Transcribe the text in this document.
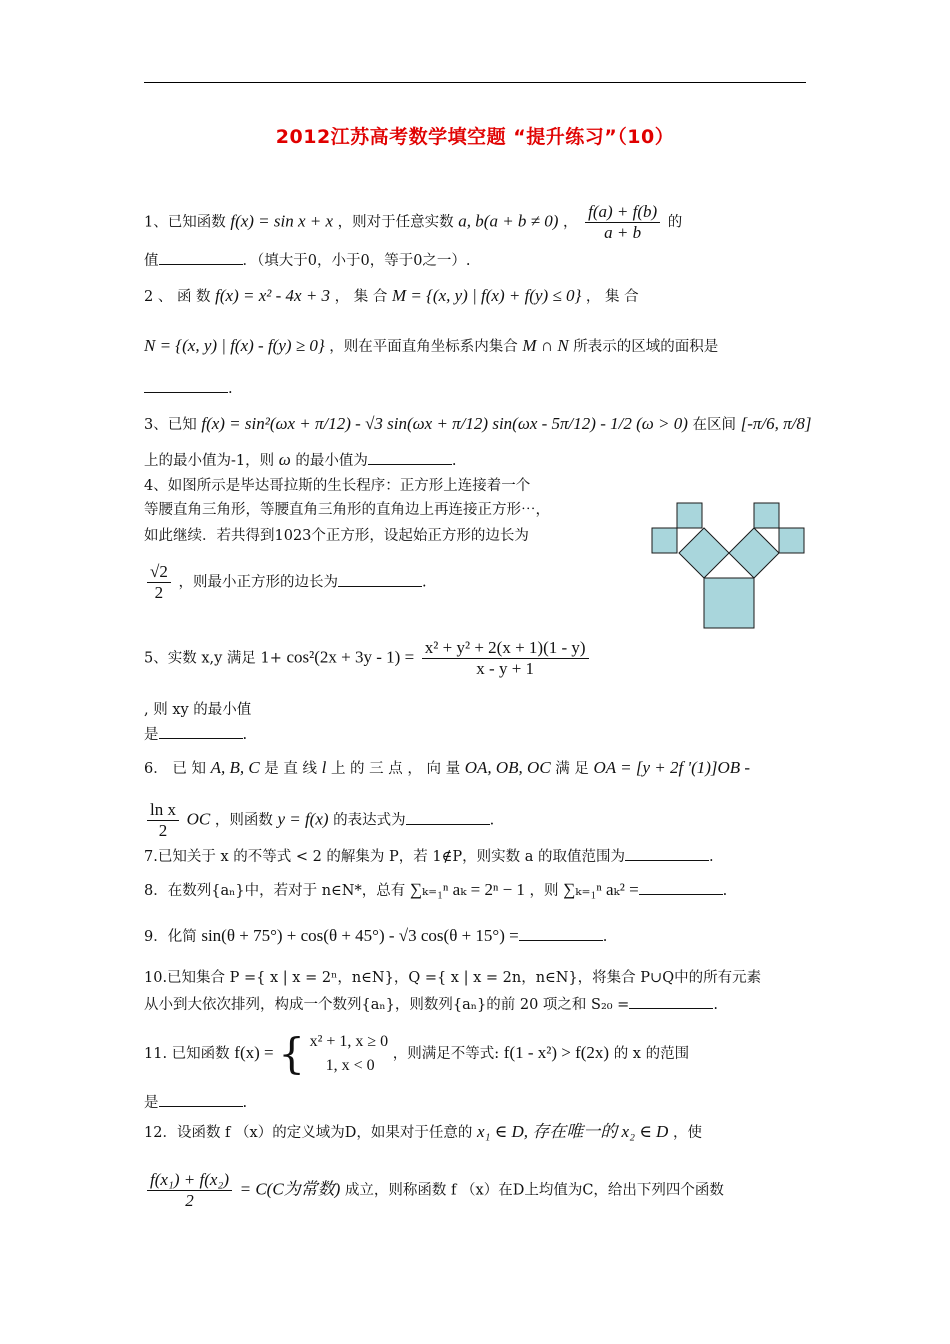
2012江苏高考数学填空题 “提升练习”（10）
1、已知函数 f(x) = sin x + x ，则对于任意实数 a, b(a + b ≠ 0) ， $\frac{f(a) + f(b)}{a + b}$ 的
值	．（填大于0，小于0，等于0之一）.
2 、 函 数 f(x) = x² - 4x + 3 ， 集 合 M = {(x, y) | f(x) + f(y) ≤ 0} ， 集 合
N = {(x, y) | f(x) - f(y) ≥ 0} ，则在平面直角坐标系内集合 M ∩ N 所表示的区域的面积是
.
3、已知 f(x) = sin²(ωx + π/12) - √3 sin(ωx + π/12) sin(ωx - 5π/12) - 1/2 (ω > 0) 在区间 [-π/6, π/8]
上的最小值为-1，则 ω 的最小值为	.
4、如图所示是毕达哥拉斯的生长程序：正方形上连接着一个
等腰直角三角形，等腰直角三角形的直角边上再连接正方形⋯，
如此继续．若共得到1023个正方形，设起始正方形的边长为
$\frac{√2}{2}$ ，则最小正方形的边长为	.
5、实数 x,y 满足 $1+ \cos^2(2x + 3y - 1) = \frac{\text{x² + y² + 2(x + 1)(1 - y)}}{x - y + 1}$
, 则 xy 的最小值
是	.
6． 已 知 A, B, C 是 直 线 l 上 的 三 点 ， 向 量 OA, OB, OC 满 足 OA = [y + 2f '(1)]OB -
$\frac{\text{ln x}}{2}$ OC ，则函数 y = f(x) 的表达式为	.
7.已知关于 x 的不等式 < 2 的解集为 P，若 1∉P，则实数 a 的取值范围为	.
8．在数列{aₙ}中，若对于 n∈N*，总有 ∑ₖ₌₁ⁿ aₖ = 2ⁿ − 1 ，则 ∑ₖ₌₁ⁿ aₖ² =	.
9．化简 sin(θ + 75°) + cos(θ + 45°) - √3 cos(θ + 15°) =	.
10.已知集合 P ={ x | x = 2ⁿ，n∈N}，Q ={ x | x = 2n，n∈N}，将集合 P∪Q中的所有元素
从小到大依次排列，构成一个数列{aₙ}，则数列{aₙ}的前 20 项之和 S₂₀ =	.
11. 已知函数 f(x) = { x² + 1, x ≥ 0
1, x < 0
，则满足不等式: f(1 - x²) > f(2x) 的 x 的范围
是	.
12．设函数 f （x）的定义域为D，如果对于任意的 x₁ ∈ D, 存在唯一的 x₂ ∈ D ，使
$\frac{\text{f(x₁) + f(x₂)}}{2} = C(C$为常数) 成立，则称函数 f （x）在D上均值为C，给出下列四个函数
